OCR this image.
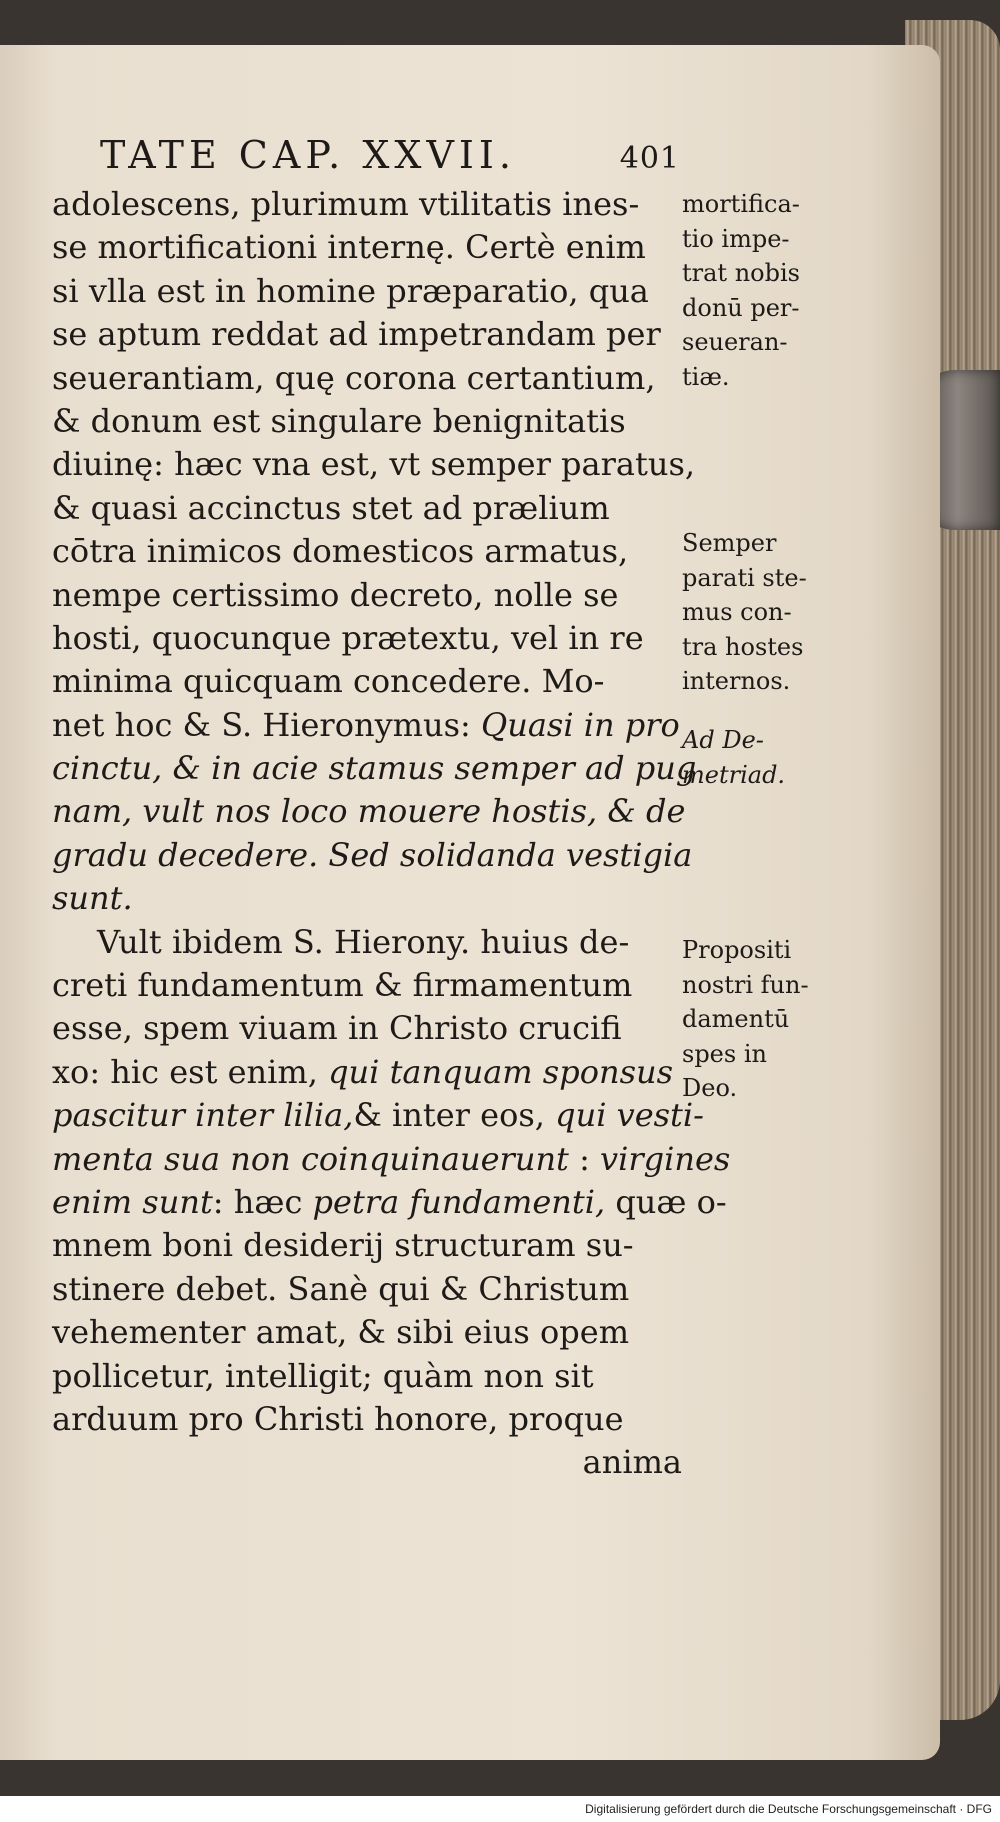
TATE CAP. XXVII.	401
adolescens, plurimum vtilitatis ines-
se mortificationi internę. Certè enim
si vlla est in homine præparatio, qua
se aptum reddat ad impetrandam per
seuerantiam, quę corona certantium,
& donum est singulare benignitatis
diuinę: hæc vna est, vt semper paratus,
& quasi accinctus stet ad prælium
cōtra inimicos domesticos armatus,
nempe certissimo decreto, nolle se
hosti, quocunque prætextu, vel in re
minima quicquam concedere. Mo-
net hoc & S. Hieronymus: Quasi in pro
cinctu, & in acie stamus semper ad pug
nam, vult nos loco mouere hostis, & de
gradu decedere. Sed solidanda vestigia
sunt.
Vult ibidem S. Hierony. huius de-
creti fundamentum & firmamentum
esse, spem viuam in Christo crucifi
xo: hic est enim, qui tanquam sponsus
pascitur inter lilia,& inter eos, qui vesti-
menta sua non coinquinauerunt : virgines
enim sunt: hæc petra fundamenti, quæ o-
mnem boni desiderij structuram su-
stinere debet. Sanè qui & Christum
vehementer amat, & sibi eius opem
pollicetur, intelligit; quàm non sit
arduum pro Christi honore, proque
anima
mortifica-
tio impe-
trat nobis
donū per-
seueran-
tiæ.
Semper
parati ste-
mus con-
tra hostes
internos.
Ad De-
metriad.
Propositi
nostri fun-
damentū
spes in
Deo.
Digitalisierung gefördert durch die Deutsche Forschungsgemeinschaft · DFG
